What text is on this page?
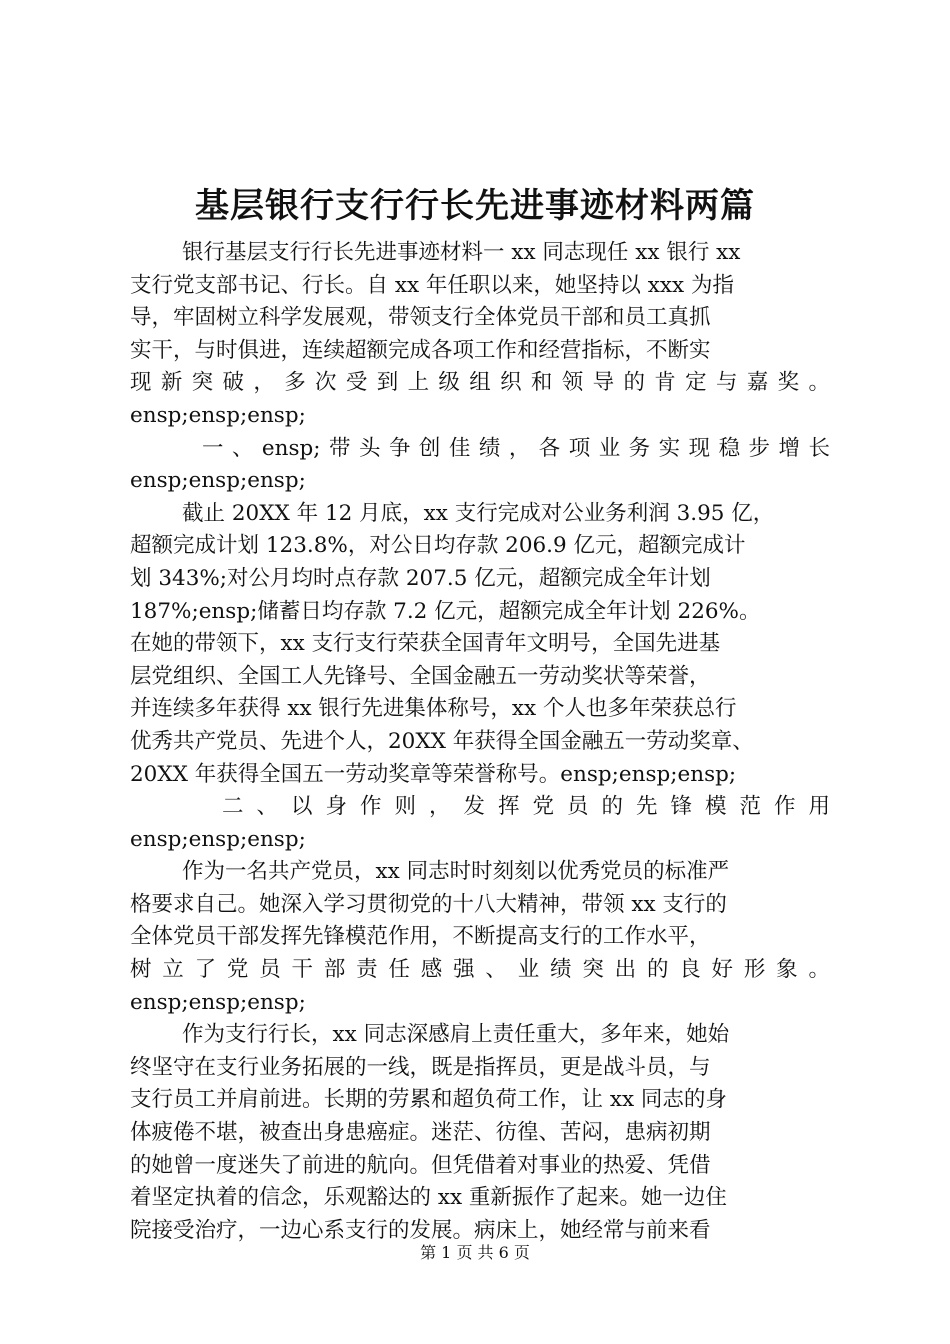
基层银行支行行长先进事迹材料两篇
银行基层支行行长先进事迹材料一 xx 同志现任 xx 银行 xx
支行党支部书记、行长。自 xx 年任职以来，她坚持以 xxx 为指
导，牢固树立科学发展观，带领支行全体党员干部和员工真抓
实干，与时俱进，连续超额完成各项工作和经营指标，不断实
现新突破，多次受到上级组织和领导的肯定与嘉奖。
ensp;ensp;ensp;
一、ensp;带头争创佳绩，各项业务实现稳步增长
ensp;ensp;ensp;
截止 20XX 年 12 月底，xx 支行完成对公业务利润 3.95 亿，
超额完成计划 123.8%，对公日均存款 206.9 亿元，超额完成计
划 343%;对公月均时点存款 207.5 亿元，超额完成全年计划
187%;ensp;储蓄日均存款 7.2 亿元，超额完成全年计划 226%。
在她的带领下，xx 支行支行荣获全国青年文明号，全国先进基
层党组织、全国工人先锋号、全国金融五一劳动奖状等荣誉，
并连续多年获得 xx 银行先进集体称号，xx 个人也多年荣获总行
优秀共产党员、先进个人，20XX 年获得全国金融五一劳动奖章、
20XX 年获得全国五一劳动奖章等荣誉称号。ensp;ensp;ensp;
二、以身作则，发挥党员的先锋模范作用
ensp;ensp;ensp;
作为一名共产党员，xx 同志时时刻刻以优秀党员的标准严
格要求自己。她深入学习贯彻党的十八大精神，带领 xx 支行的
全体党员干部发挥先锋模范作用，不断提高支行的工作水平，
树立了党员干部责任感强、业绩突出的良好形象。
ensp;ensp;ensp;
作为支行行长，xx 同志深感肩上责任重大，多年来，她始
终坚守在支行业务拓展的一线，既是指挥员，更是战斗员，与
支行员工并肩前进。长期的劳累和超负荷工作，让 xx 同志的身
体疲倦不堪，被查出身患癌症。迷茫、彷徨、苦闷，患病初期
的她曾一度迷失了前进的航向。但凭借着对事业的热爱、凭借
着坚定执着的信念，乐观豁达的 xx 重新振作了起来。她一边住
院接受治疗，一边心系支行的发展。病床上，她经常与前来看
第 1 页 共 6 页
